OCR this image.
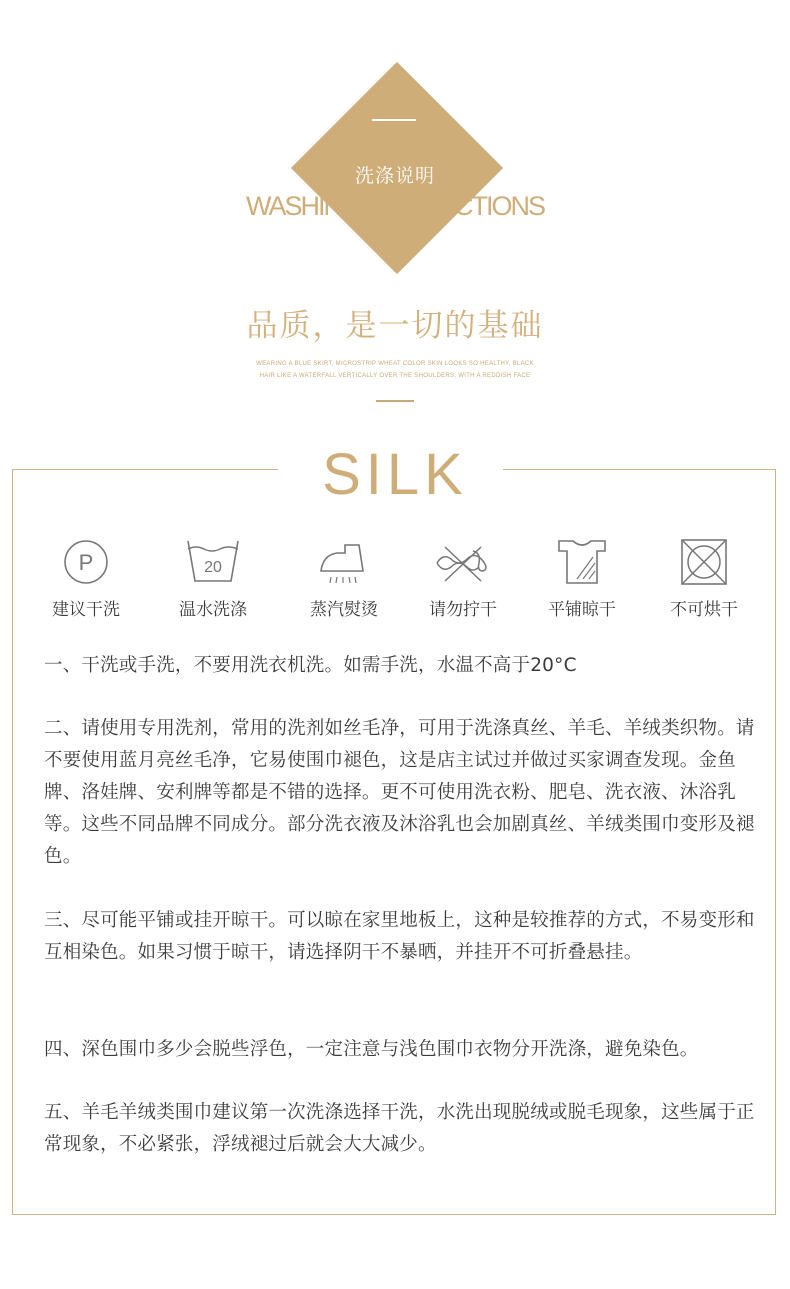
洗涤说明
WASHING INSTRUCTIONS
品质，是一切的基础
WEARING A BLUE SKIRT, MICROSTRIP WHEAT COLOR SKIN LOOKS SO HEALTHY, BLACK
HAIR LIKE A WATERFALL VERTICALLY OVER THE SHOULDERS, WITH A REDDISH FACE
SILK
P
建议干洗
20
温水洗涤	蒸汽熨烫	请勿拧干	平铺晾干	不可烘干
一、干洗或手洗，不要用洗衣机洗。如需手洗，水温不高于20°C
二、请使用专用洗剂，常用的洗剂如丝毛净，可用于洗涤真丝、羊毛、羊绒类织物。请不要使用蓝月亮丝毛净，它易使围巾褪色，这是店主试过并做过买家调查发现。金鱼牌、洛娃牌、安利牌等都是不错的选择。更不可使用洗衣粉、肥皂、洗衣液、沐浴乳等。这些不同品牌不同成分。部分洗衣液及沐浴乳也会加剧真丝、羊绒类围巾变形及褪色。
三、尽可能平铺或挂开晾干。可以晾在家里地板上，这种是较推荐的方式，不易变形和互相染色。如果习惯于晾干，请选择阴干不暴晒，并挂开不可折叠悬挂。
四、深色围巾多少会脱些浮色，一定注意与浅色围巾衣物分开洗涤，避免染色。
五、羊毛羊绒类围巾建议第一次洗涤选择干洗，水洗出现脱绒或脱毛现象，这些属于正常现象，不必紧张，浮绒褪过后就会大大减少。
